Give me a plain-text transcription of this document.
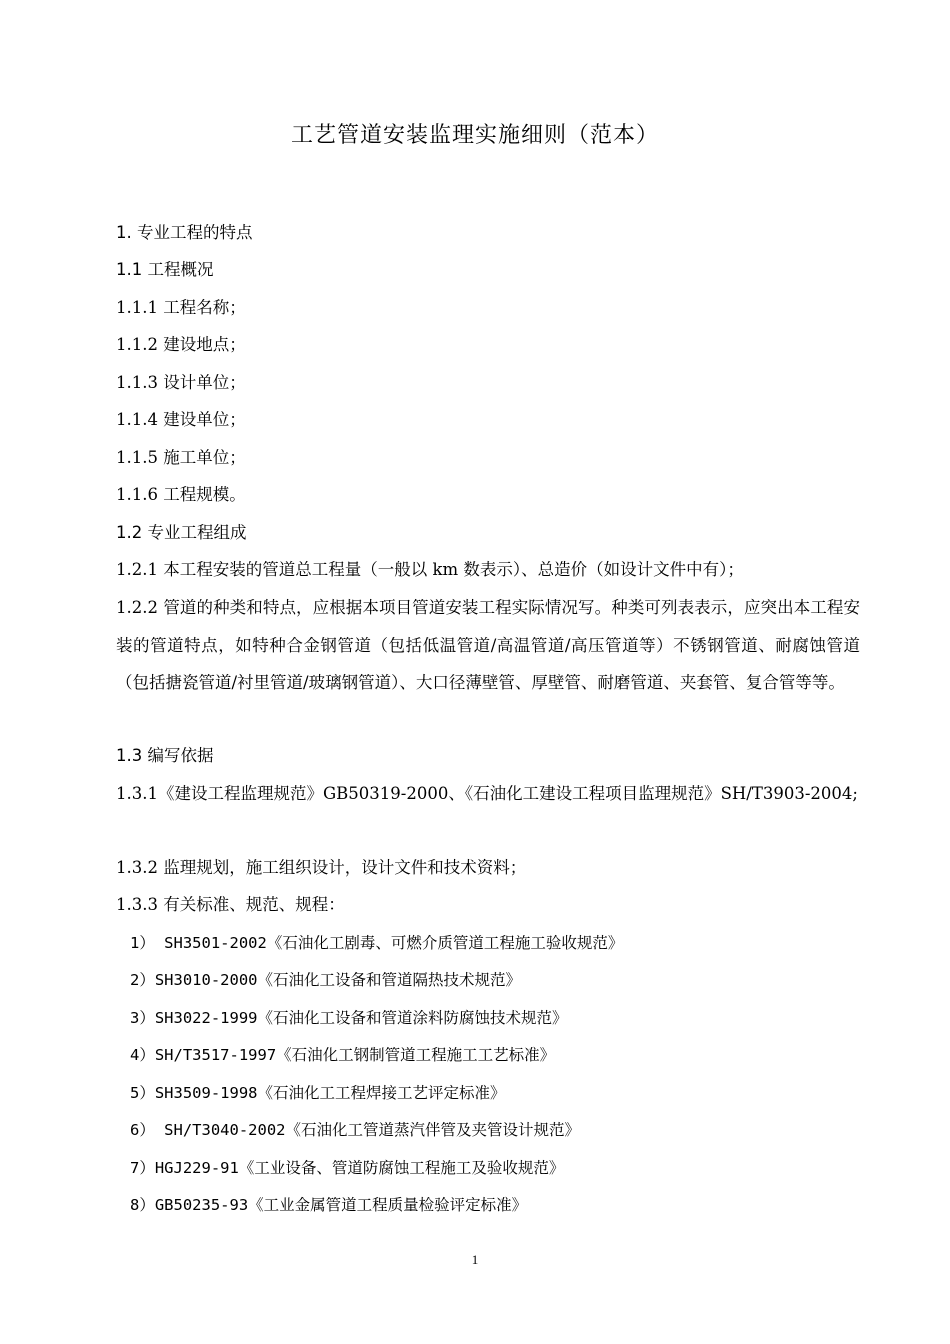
工艺管道安装监理实施细则（范本）
1. 专业工程的特点
1.1 工程概况
1.1.1 工程名称；
1.1.2 建设地点；
1.1.3 设计单位；
1.1.4 建设单位；
1.1.5 施工单位；
1.1.6 工程规模。
1.2 专业工程组成
1.2.1 本工程安装的管道总工程量（一般以 km 数表示）、总造价（如设计文件中有）；
1.2.2 管道的种类和特点，应根据本项目管道安装工程实际情况写。种类可列表表示，应突出本工程安装的管道特点，如特种合金钢管道（包括低温管道/高温管道/高压管道等）不锈钢管道、耐腐蚀管道（包括搪瓷管道/衬里管道/玻璃钢管道）、大口径薄壁管、厚壁管、耐磨管道、夹套管、复合管等等。
1.3 编写依据
1.3.1《建设工程监理规范》GB50319-2000、《石油化工建设工程项目监理规范》SH/T3903-2004;
1.3.2 监理规划，施工组织设计，设计文件和技术资料；
1.3.3 有关标准、规范、规程：
1） SH3501-2002《石油化工剧毒、可燃介质管道工程施工验收规范》
2）SH3010-2000《石油化工设备和管道隔热技术规范》
3）SH3022-1999《石油化工设备和管道涂料防腐蚀技术规范》
4）SH/T3517-1997《石油化工钢制管道工程施工工艺标准》
5）SH3509-1998《石油化工工程焊接工艺评定标准》
6） SH/T3040-2002《石油化工管道蒸汽伴管及夹管设计规范》
7）HGJ229-91《工业设备、管道防腐蚀工程施工及验收规范》
8）GB50235-93《工业金属管道工程质量检验评定标准》
1
